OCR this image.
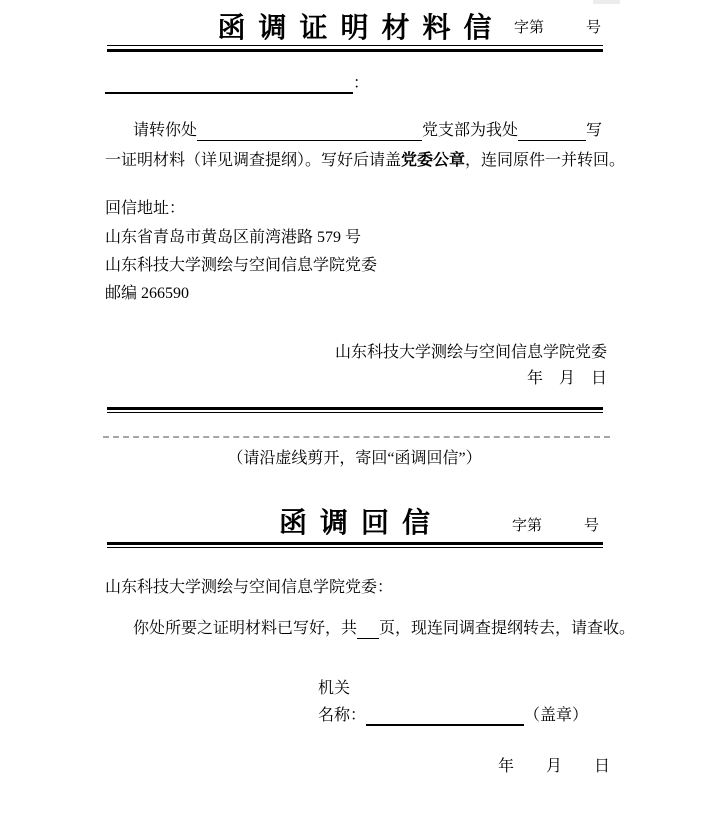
函调证明材料信 字第	号
：
请转你处	党支部为我处	写
一证明材料（详见调查提纲）。写好后请盖党委公章，连同原件一并转回。
回信地址：
山东省青岛市黄岛区前湾港路 579 号
山东科技大学测绘与空间信息学院党委
邮编 266590
山东科技大学测绘与空间信息学院党委
年　月　日
（请沿虚线剪开，寄回“函调回信”）
函调回信	字第	号
山东科技大学测绘与空间信息学院党委：
你处所要之证明材料已写好，共 页，现连同调查提纲转去，请查收。
机关
名称：	（盖章）
年　　月　　日
